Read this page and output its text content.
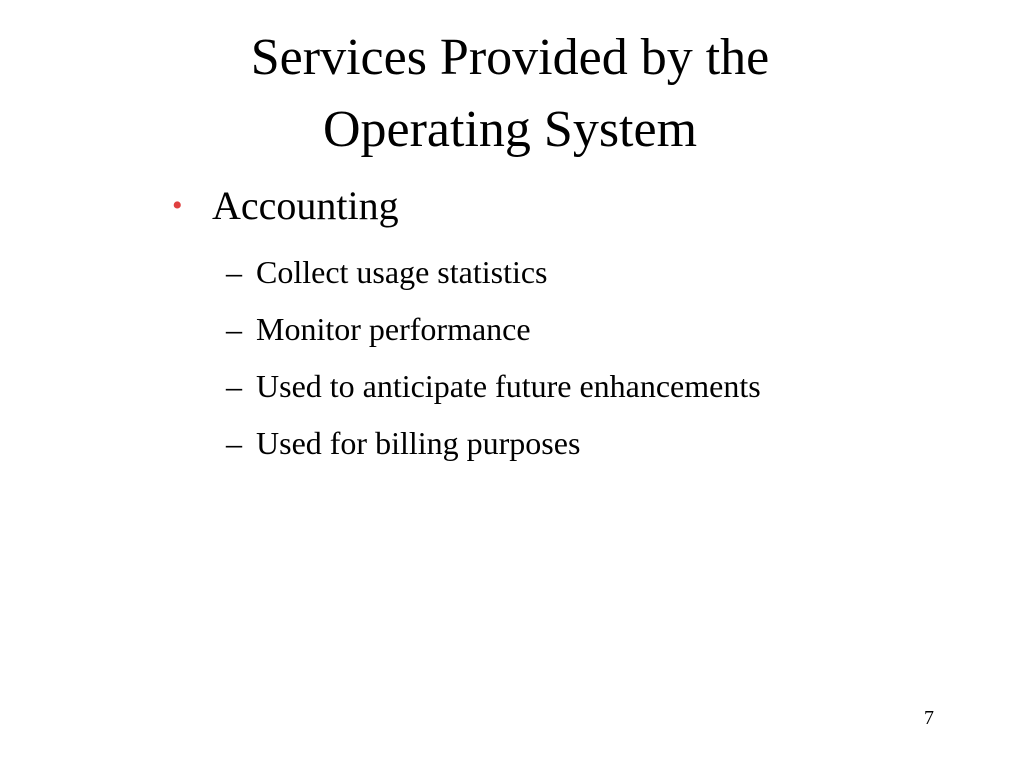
Services Provided by the Operating System
• Accounting
– Collect usage statistics
– Monitor performance
– Used to anticipate future enhancements
– Used for billing purposes
7
